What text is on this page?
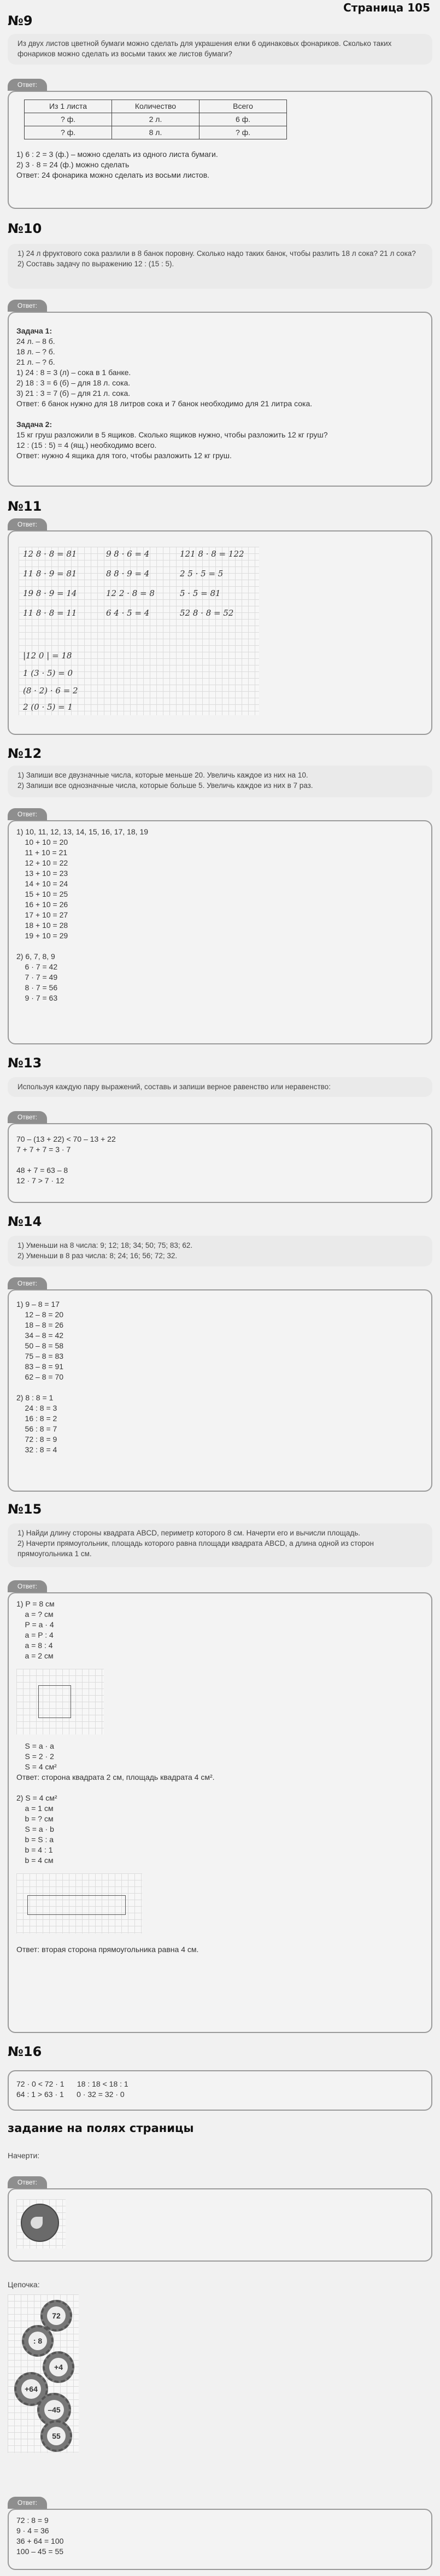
Страница 105
№9
Из двух листов цветной бумаги можно сделать для украшения елки 6 одинаковых фонариков. Сколько таких фонариков можно сделать из восьми таких же листов бумаги?
Ответ:
Из 1 листа	Количество	Всего
? ф.	2 л.	6 ф.
? ф.	8 л.	? ф.
1) 6 : 2 = 3 (ф.) – можно сделать из одного листа бумаги.
2) 3 · 8 = 24 (ф.) можно сделать
Ответ: 24 фонарика можно сделать из восьми листов.
№10
1) 24 л фруктового сока разлили в 8 банок поровну. Сколько надо таких банок, чтобы разлить 18 л сока? 21 л сока?
2) Составь задачу по выражению 12 : (15 : 5).
Ответ:
Задача 1:
24 л. – 8 б.
18 л. – ? б.
21 л. – ? б.
1) 24 : 8 = 3 (л) – сока в 1 банке.
2) 18 : 3 = 6 (б) – для 18 л. сока.
3) 21 : 3 = 7 (б) – для 21 л. сока.
Ответ: 6 банок нужно для 18 литров сока и 7 банок необходимо для 21 литра сока.
Задача 2:
15 кг груш разложили в 5 ящиков. Сколько ящиков нужно, чтобы разложить 12 кг груш?
12 : (15 : 5) = 4 (ящ.) необходимо всего.
Ответ: нужно 4 ящика для того, чтобы разложить 12 кг груш.
№11
Ответ:
12 8 · 8 = 81
11 8 · 9 = 81
19 8 · 9 = 14
11 8 · 8 = 11
9 8 · 6 = 4
8 8 · 9 = 4
12 2 · 8 = 8
6 4 · 5 = 4
121 8 · 8 = 122
2 5 · 5 = 5
5 · 5 = 81
52 8 · 8 = 52
|12 0 | = 18
1 (3 · 5) = 0
(8 · 2) · 6 = 2
2 (0 · 5) = 1
№12
1) Запиши все двузначные числа, которые меньше 20. Увеличь каждое из них на 10.
2) Запиши все однозначные числа, которые больше 5. Увеличь каждое из них в 7 раз.
Ответ:
1) 10, 11, 12, 13, 14, 15, 16, 17, 18, 19
10 + 10 = 20
11 + 10 = 21
12 + 10 = 22
13 + 10 = 23
14 + 10 = 24
15 + 10 = 25
16 + 10 = 26
17 + 10 = 27
18 + 10 = 28
19 + 10 = 29
2) 6, 7, 8, 9
6 · 7 = 42
7 · 7 = 49
8 · 7 = 56
9 · 7 = 63
№13
Используя каждую пару выражений, составь и запиши верное равенство или неравенство:
Ответ:
70 – (13 + 22) < 70 – 13 + 22
7 + 7 + 7 = 3 · 7
48 + 7 = 63 – 8
12 · 7 > 7 · 12
№14
1) Уменьши на 8 числа: 9; 12; 18; 34; 50; 75; 83; 62.
2) Уменьши в 8 раз числа: 8; 24; 16; 56; 72; 32.
Ответ:
1) 9 – 8 = 17
12 – 8 = 20
18 – 8 = 26
34 – 8 = 42
50 – 8 = 58
75 – 8 = 83
83 – 8 = 91
62 – 8 = 70
2) 8 : 8 = 1
24 : 8 = 3
16 : 8 = 2
56 : 8 = 7
72 : 8 = 9
32 : 8 = 4
№15
1) Найди длину стороны квадрата ABCD, периметр которого 8 см. Начерти его и вычисли площадь.
2) Начерти прямоугольник, площадь которого равна площади квадрата ABCD, а длина одной из сторон прямоугольника 1 см.
Ответ:
1) P = 8 см
a = ? см
P = a · 4
a = P : 4
a = 8 : 4
a = 2 см
S = a · a
S = 2 · 2
S = 4 см²
Ответ: сторона квадрата 2 см, площадь квадрата 4 см².
2) S = 4 см²
a = 1 см
b = ? см
S = a · b
b = S : a
b = 4 : 1
b = 4 см
Ответ: вторая сторона прямоугольника равна 4 см.
№16
72 · 0 < 72 · 1      18 : 18 < 18 : 1
64 : 1 > 63 · 1      0 · 32 = 32 · 0
задание на полях страницы
Начерти:
Ответ:
Цепочка:
72
: 8
+4
+64
–45
55
Ответ:
72 : 8 = 9
9 · 4 = 36
36 + 64 = 100
100 – 45 = 55
